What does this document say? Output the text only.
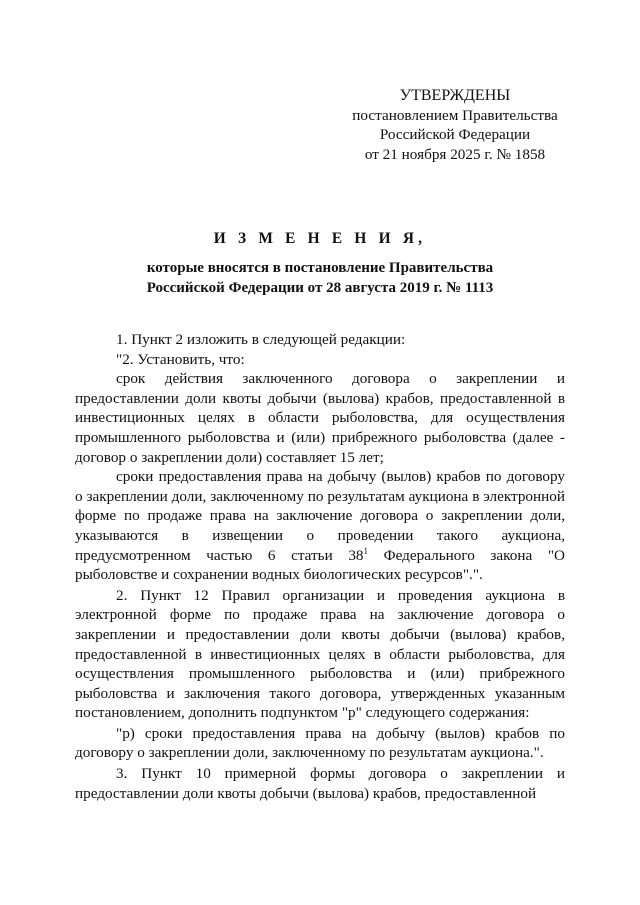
УТВЕРЖДЕНЫ
постановлением Правительства
Российской Федерации
от 21 ноября 2025 г. № 1858
И З М Е Н Е Н И Я,
которые вносятся в постановление Правительства
Российской Федерации от 28 августа 2019 г. № 1113

1. Пункт 2 изложить в следующей редакции:

"2. Установить, что:

срок действия заключенного договора о закреплении и предоставлении доли квоты добычи (вылова) крабов, предоставленной в инвестиционных целях в области рыболовства, для осуществления промышленного рыболовства и (или) прибрежного рыболовства (далее - договор о закреплении доли) составляет 15 лет;

сроки предоставления права на добычу (вылов) крабов по договору о закреплении доли, заключенному по результатам аукциона в электронной форме по продаже права на заключение договора о закреплении доли, указываются в извещении о проведении такого аукциона, предусмотренном частью 6 статьи $38^1$ Федерального закона "О рыболовстве и сохранении водных биологических ресурсов".".

2. Пункт 12 Правил организации и проведения аукциона в электронной форме по продаже права на заключение договора о закреплении и предоставлении доли квоты добычи (вылова) крабов, предоставленной в инвестиционных целях в области рыболовства, для осуществления промышленного рыболовства и (или) прибрежного рыболовства и заключения такого договора, утвержденных указанным постановлением, дополнить подпунктом "р" следующего содержания:

"р) сроки предоставления права на добычу (вылов) крабов по договору о закреплении доли, заключенному по результатам аукциона.".

3. Пункт 10 примерной формы договора о закреплении и предоставлении доли квоты добычи (вылова) крабов, предоставленной
